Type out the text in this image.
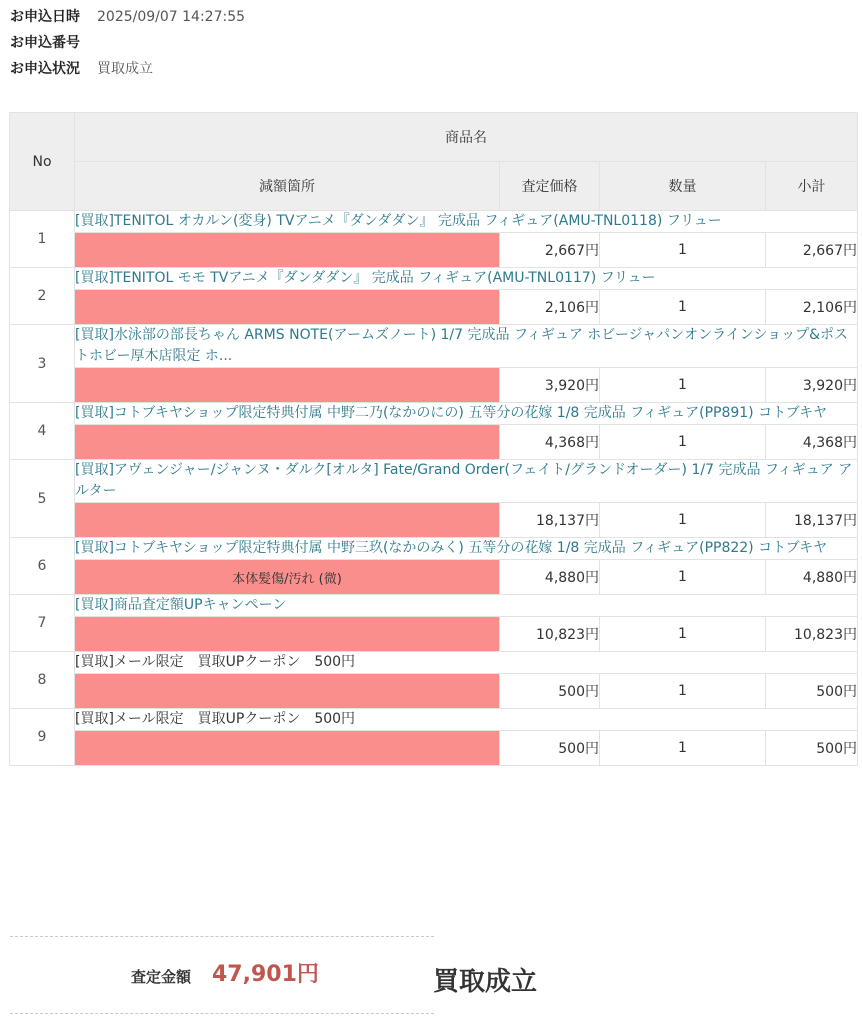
お申込日時	2025/09/07 14:27:55
お申込番号
お申込状況	買取成立
No	商品名			
	減額箇所	査定価格	数量	小計
1	[買取]TENITOL オカルン(変身) TVアニメ『ダンダダン』 完成品 フィギュア(AMU-TNL0118) フリュー			
		2,667円	1	2,667円
2	[買取]TENITOL モモ TVアニメ『ダンダダン』 完成品 フィギュア(AMU-TNL0117) フリュー			
		2,106円	1	2,106円
3	[買取]水泳部の部長ちゃん ARMS NOTE(アームズノート) 1/7 完成品 フィギュア ホビージャパンオンラインショップ&ポストホビー厚木店限定 ホ...			
		3,920円	1	3,920円
4	[買取]コトブキヤショップ限定特典付属 中野二乃(なかのにの) 五等分の花嫁 1/8 完成品 フィギュア(PP891) コトブキヤ			
		4,368円	1	4,368円
5	[買取]アヴェンジャー/ジャンヌ・ダルク[オルタ] Fate/Grand Order(フェイト/グランドオーダー) 1/7 完成品 フィギュア アルター			
		18,137円	1	18,137円
6	[買取]コトブキヤショップ限定特典付属 中野三玖(なかのみく) 五等分の花嫁 1/8 完成品 フィギュア(PP822) コトブキヤ			
	本体髪傷/汚れ (微)	4,880円	1	4,880円
7	[買取]商品査定額UPキャンペーン			
		10,823円	1	10,823円
8	[買取]メール限定　買取UPクーポン　500円			
		500円	1	500円
9	[買取]メール限定　買取UPクーポン　500円			
		500円	1	500円
査定金額 47,901円	買取成立
